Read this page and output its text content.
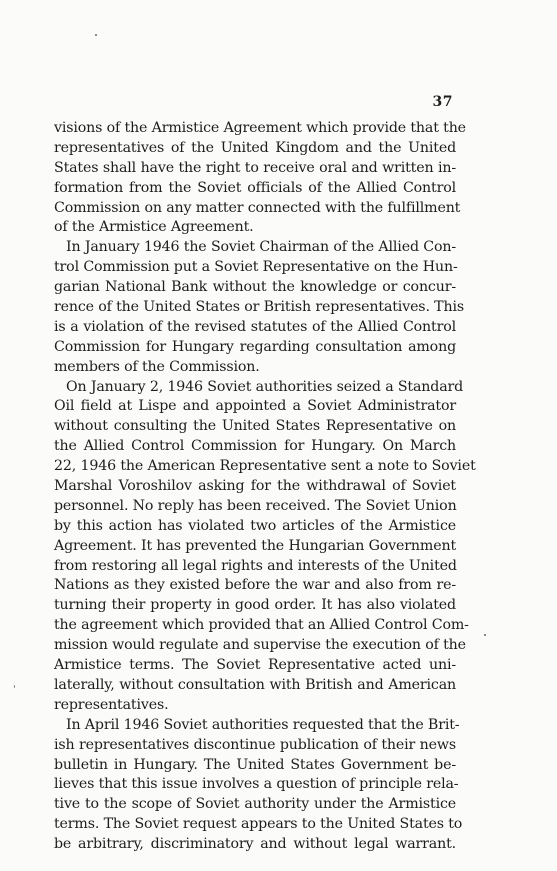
37
visions of the Armistice Agreement which provide that the
representatives of the United Kingdom and the United
States shall have the right to receive oral and written in-
formation from the Soviet officials of the Allied Control
Commission on any matter connected with the fulfillment
of the Armistice Agreement.
In January 1946 the Soviet Chairman of the Allied Con-
trol Commission put a Soviet Representative on the Hun-
garian National Bank without the knowledge or concur-
rence of the United States or British representatives. This
is a violation of the revised statutes of the Allied Control
Commission for Hungary regarding consultation among
members of the Commission.
On January 2, 1946 Soviet authorities seized a Standard
Oil field at Lispe and appointed a Soviet Administrator
without consulting the United States Representative on
the Allied Control Commission for Hungary. On March
22, 1946 the American Representative sent a note to Soviet
Marshal Voroshilov asking for the withdrawal of Soviet
personnel. No reply has been received. The Soviet Union
by this action has violated two articles of the Armistice
Agreement. It has prevented the Hungarian Government
from restoring all legal rights and interests of the United
Nations as they existed before the war and also from re-
turning their property in good order. It has also violated
the agreement which provided that an Allied Control Com-
mission would regulate and supervise the execution of the
Armistice terms. The Soviet Representative acted uni-
laterally, without consultation with British and American
representatives.
In April 1946 Soviet authorities requested that the Brit-
ish representatives discontinue publication of their news
bulletin in Hungary. The United States Government be-
lieves that this issue involves a question of principle rela-
tive to the scope of Soviet authority under the Armistice
terms. The Soviet request appears to the United States to
be arbitrary, discriminatory and without legal warrant.
